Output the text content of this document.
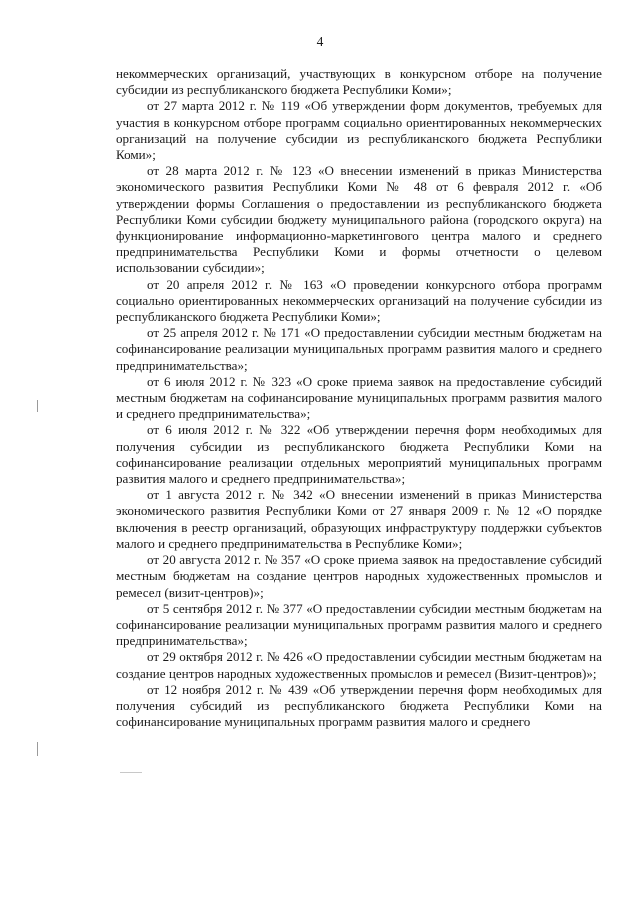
4

некоммерческих организаций, участвующих в конкурсном отборе на получение субсидии из республиканского бюджета Республики Коми»;

от 27 марта 2012 г. № 119 «Об утверждении форм документов, требуемых для участия в конкурсном отборе программ социально ориентированных некоммерческих организаций на получение субсидии из республиканского бюджета Республики Коми»;

от 28 марта 2012 г. № 123 «О внесении изменений в приказ Министерства экономического развития Республики Коми № 48 от 6 февраля 2012 г. «Об утверждении формы Соглашения о предоставлении из республиканского бюджета Республики Коми субсидии бюджету муниципального района (городского округа) на функционирование информационно-маркетингового центра малого и среднего предпринимательства Республики Коми и формы отчетности о целевом использовании субсидии»;

от 20 апреля 2012 г. № 163 «О проведении конкурсного отбора программ социально ориентированных некоммерческих организаций на получение субсидии из республиканского бюджета Республики Коми»;

от 25 апреля 2012 г. № 171 «О предоставлении субсидии местным бюджетам на софинансирование реализации муниципальных программ развития малого и среднего предпринимательства»;

от 6 июля 2012 г. № 323 «О сроке приема заявок на предоставление субсидий местным бюджетам на софинансирование муниципальных программ развития малого и среднего предпринимательства»;

от 6 июля 2012 г. № 322 «Об утверждении перечня форм необходимых для получения субсидии из республиканского бюджета Республики Коми на софинансирование реализации отдельных мероприятий муниципальных программ развития малого и среднего предпринимательства»;

от 1 августа 2012 г. № 342 «О внесении изменений в приказ Министерства экономического развития Республики Коми от 27 января 2009 г. № 12 «О порядке включения в реестр организаций, образующих инфраструктуру поддержки субъектов малого и среднего предпринимательства в Республике Коми»;

от 20 августа 2012 г. № 357 «О сроке приема заявок на предоставление субсидий местным бюджетам на создание центров народных художественных промыслов и ремесел (визит-центров)»;

от 5 сентября 2012 г. № 377 «О предоставлении субсидии местным бюджетам на софинансирование реализации муниципальных программ развития малого и среднего предпринимательства»;

от 29 октября 2012 г. № 426 «О предоставлении субсидии местным бюджетам на создание центров народных художественных промыслов и ремесел (Визит-центров)»;

от 12 ноября 2012 г. № 439 «Об утверждении перечня форм необходимых для получения субсидий из республиканского бюджета Республики Коми на софинансирование муниципальных программ развития малого и среднего
